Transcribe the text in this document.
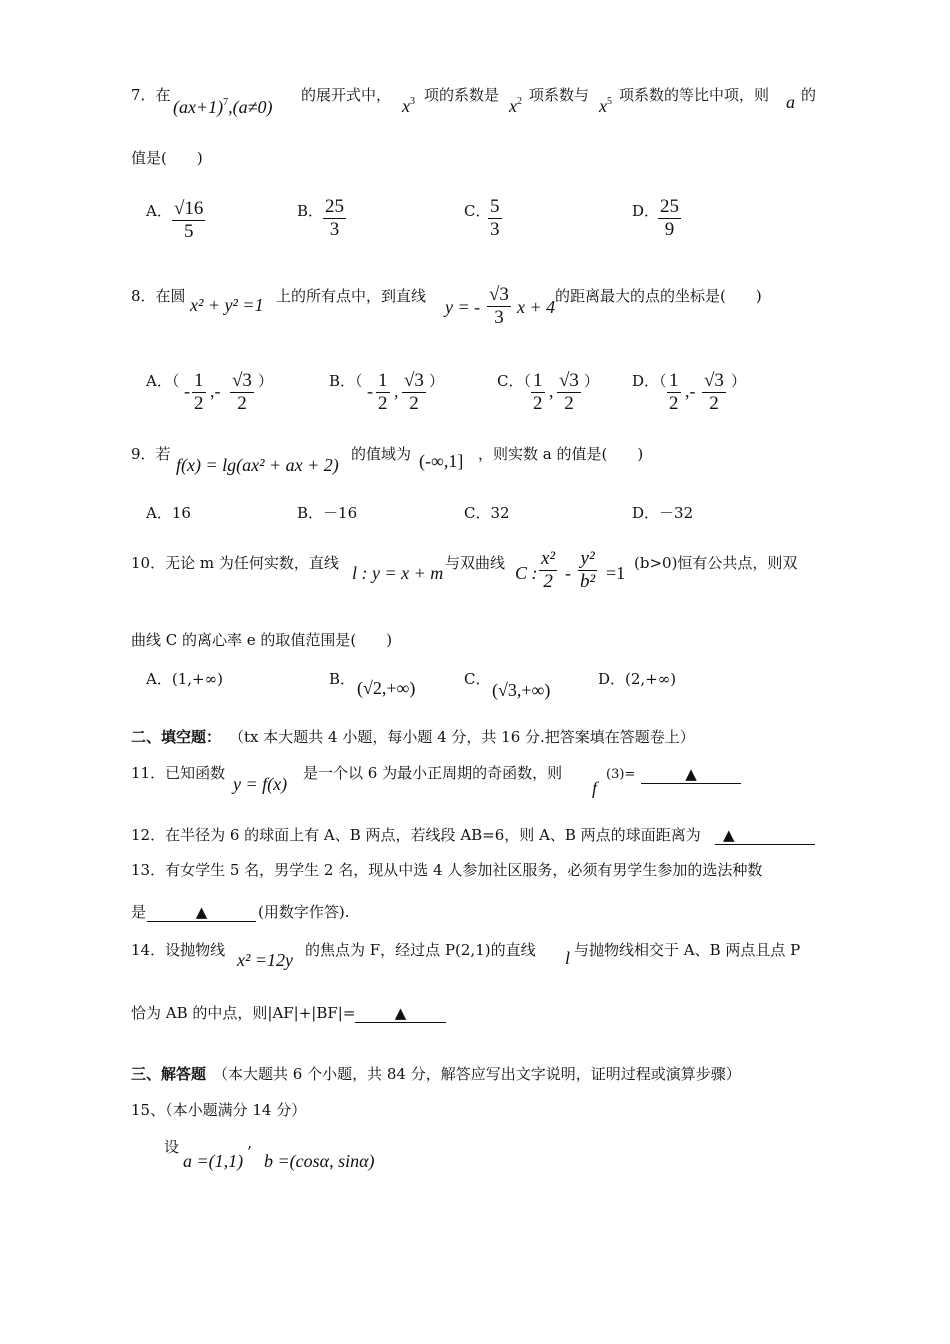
7．在
$(ax+1)^7,(a\ne 0)$
的展开式中，
$x^3$ 项的系数是
$x^2$ 项系数与
$x^5$ 项系数的等比中项，则 a 的
值是(　　)
A． $\frac{√16}{5}$	B． $\frac{25}{3}$	C．
$\frac{5}{3}$	D．
$\frac{25}{9}$
8．在圆 x² + y² =1 上的所有点中，到直线
y = - $\frac{√3}{3}$ x + 4
的距离最大的点的坐标是(　　)
A．（ - $\frac{1}{2}$ ,- $\frac{√3}{2}$ ）	B．（ - $\frac{1}{2}$ , $\frac{√3}{2}$ ）	C．（ $\frac{1}{2}$ , $\frac{√3}{2}$ ） D．（ $\frac{1}{2}$ ,- $\frac{√3}{2}$ ）
9．若
f(x) = lg(ax² + ax + 2)
的值域为 (-∞,1] ，则实数 a 的值是(　　)
A．16	B．－16	C．32	D．－32
10．无论 m 为任何实数，直线 l : y = x + m 与双曲线 C : $\frac{\text{x²}}{2} - \frac{\text{y²}}{\text{b²}} =1$ (b>0)恒有公共点，则双
曲线 C 的离心率 e 的取值范围是(　　)
A．(1,+∞)	B． (√2,+∞)	C．
(√3,+∞)
D．(2,+∞)
二、填空题： （tx 本大题共 4 小题，每小题 4 分，共 16 分.把答案填在答题卷上）
11．已知函数
y = f(x)
是一个以 6 为最小正周期的奇函数，则
f
(3)=	▲
12．在半径为 6 的球面上有 A、B 两点，若线段 AB=6，则 A、B 两点的球面距离为	▲
13．有女学生 5 名，男学生 2 名，现从中选 4 人参加社区服务，必须有男学生参加的选法种数
是	▲	(用数字作答).
14．设抛物线 x² =12y 的焦点为 F，经过点 P(2,1)的直线 l 与抛物线相交于 A、B 两点且点 P
恰为 AB 的中点，则|AF|+|BF|=	▲
三、解答题 （本大题共 6 个小题，共 84 分，解答应写出文字说明，证明过程或演算步骤）
15、（本小题满分 14 分）
设
a =(1,1) ’ b =(cosα, sinα)
